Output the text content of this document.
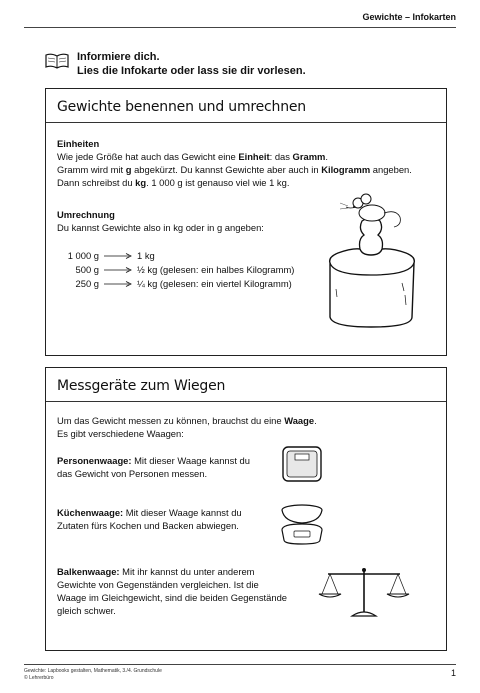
Gewichte – Infokarten
Informiere dich.
Lies die Infokarte oder lass sie dir vorlesen.
Gewichte benennen und umrechnen
Einheiten
Wie jede Größe hat auch das Gewicht eine Einheit: das Gramm.
Gramm wird mit g abgekürzt. Du kannst Gewichte aber auch in Kilogramm angeben.
Dann schreibst du kg. 1 000 g ist genauso viel wie 1 kg.
Umrechnung
Du kannst Gewichte also in kg oder in g angeben:
1 000 g	1 kg
500 g	½ kg (gelesen: ein halbes Kilogramm)
250 g	¼ kg (gelesen: ein viertel Kilogramm)
Messgeräte zum Wiegen
Um das Gewicht messen zu können, brauchst du eine Waage.
Es gibt verschiedene Waagen:
Personenwaage: Mit dieser Waage kannst du
das Gewicht von Personen messen.
Küchenwaage: Mit dieser Waage kannst du
Zutaten fürs Kochen und Backen abwiegen.
Balkenwaage: Mit ihr kannst du unter anderem
Gewichte von Gegenständen vergleichen. Ist die
Waage im Gleichgewicht, sind die beiden Gegenstände
gleich schwer.
Gewichte: Lapbooks gestalten, Mathematik, 3./4. Grundschule
© Lehrerbüro	1
